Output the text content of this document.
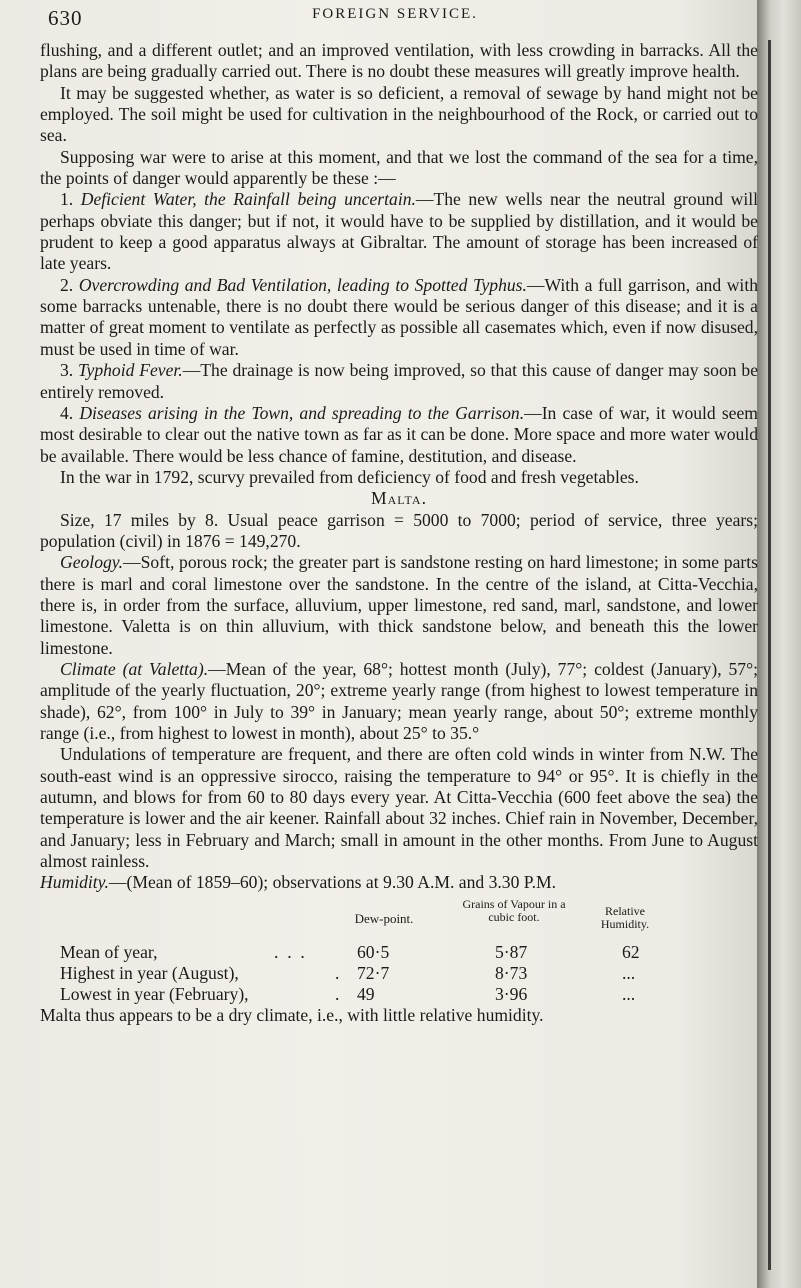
630	FOREIGN SERVICE.

flushing, and a different outlet; and an improved ventilation, with less crowding in barracks. All the plans are being gradually carried out. There is no doubt these measures will greatly improve health.

It may be suggested whether, as water is so deficient, a removal of sewage by hand might not be employed. The soil might be used for cultivation in the neighbourhood of the Rock, or carried out to sea.

Supposing war were to arise at this moment, and that we lost the command of the sea for a time, the points of danger would apparently be these :—

1. Deficient Water, the Rainfall being uncertain.—The new wells near the neutral ground will perhaps obviate this danger; but if not, it would have to be supplied by distillation, and it would be prudent to keep a good apparatus always at Gibraltar. The amount of storage has been increased of late years.

2. Overcrowding and Bad Ventilation, leading to Spotted Typhus.—With a full garrison, and with some barracks untenable, there is no doubt there would be serious danger of this disease; and it is a matter of great moment to ventilate as perfectly as possible all casemates which, even if now disused, must be used in time of war.

3. Typhoid Fever.—The drainage is now being improved, so that this cause of danger may soon be entirely removed.

4. Diseases arising in the Town, and spreading to the Garrison.—In case of war, it would seem most desirable to clear out the native town as far as it can be done. More space and more water would be available. There would be less chance of famine, destitution, and disease.

In the war in 1792, scurvy prevailed from deficiency of food and fresh vegetables.

Malta.

Size, 17 miles by 8. Usual peace garrison = 5000 to 7000; period of service, three years; population (civil) in 1876 = 149,270.

Geology.—Soft, porous rock; the greater part is sandstone resting on hard limestone; in some parts there is marl and coral limestone over the sandstone. In the centre of the island, at Citta-Vecchia, there is, in order from the surface, alluvium, upper limestone, red sand, marl, sandstone, and lower limestone. Valetta is on thin alluvium, with thick sandstone below, and beneath this the lower limestone.

Climate (at Valetta).—Mean of the year, 68°; hottest month (July), 77°; coldest (January), 57°; amplitude of the yearly fluctuation, 20°; extreme yearly range (from highest to lowest temperature in shade), 62°, from 100° in July to 39° in January; mean yearly range, about 50°; extreme monthly range (i.e., from highest to lowest in month), about 25° to 35.°

Undulations of temperature are frequent, and there are often cold winds in winter from N.W. The south-east wind is an oppressive sirocco, raising the temperature to 94° or 95°. It is chiefly in the autumn, and blows for from 60 to 80 days every year. At Citta-Vecchia (600 feet above the sea) the temperature is lower and the air keener. Rainfall about 32 inches. Chief rain in November, December, and January; less in February and March; small in amount in the other months. From June to August almost rainless.

Humidity.—(Mean of 1859–60); observations at 9.30 A.M. and 3.30 P.M.

Dew-point.
Grains of Vapour in a cubic foot.	Relative Humidity.
Mean of year,	.  .  .	60·5	5·87	62
Highest in year (August),	. 72·7	8·73	...
Lowest in year (February),	. 49	3·96	...

Malta thus appears to be a dry climate, i.e., with little relative humidity.
